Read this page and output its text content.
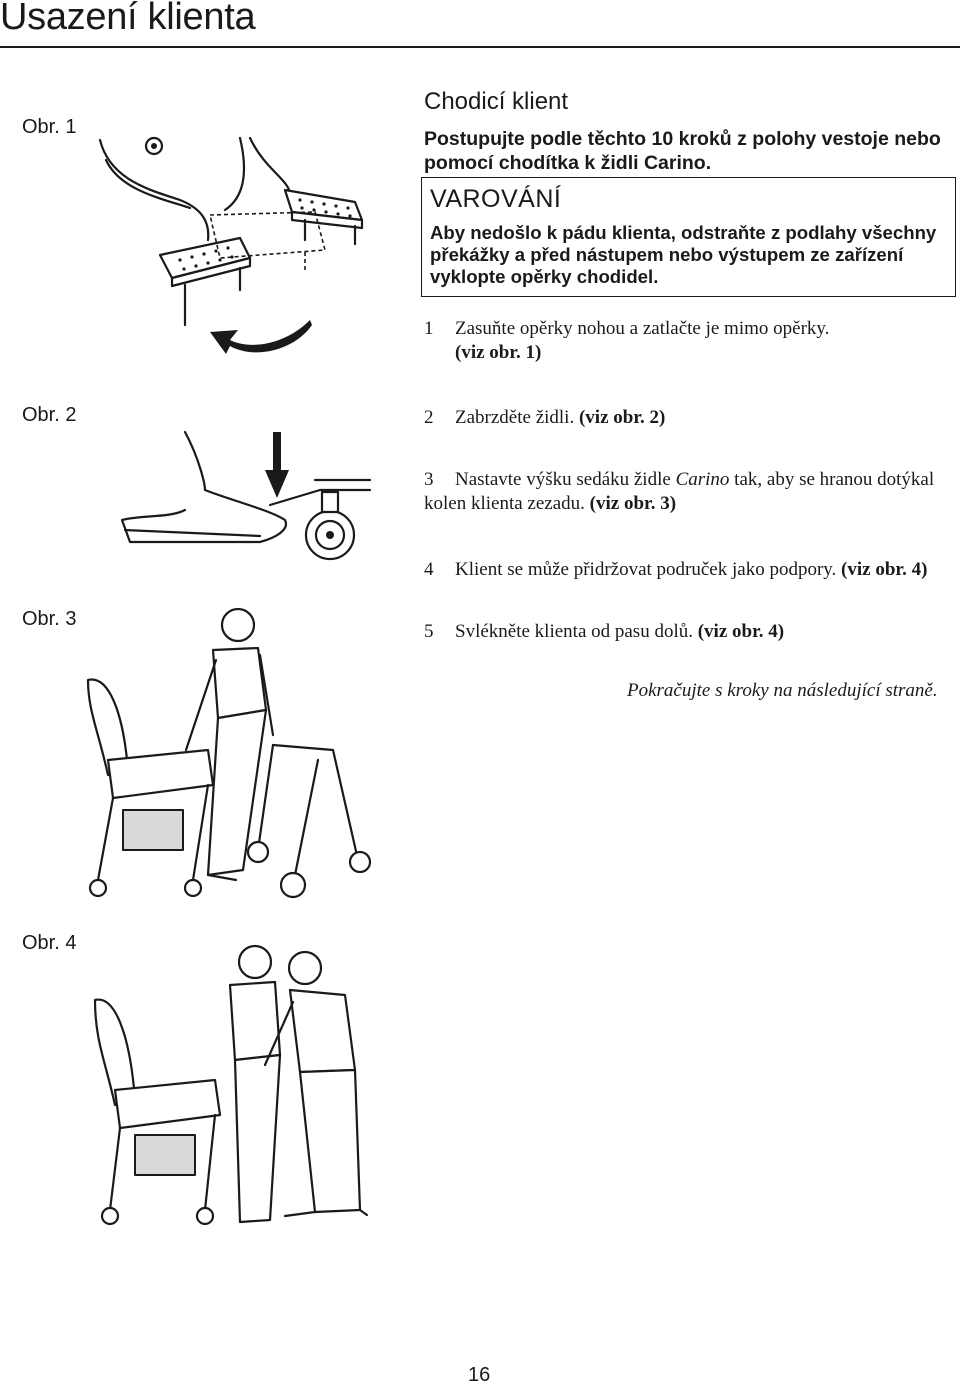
Usazení klienta
Obr. 1
Obr. 2
Obr. 3
Obr. 4
Chodicí klient
Postupujte podle těchto 10 kroků z polohy vestoje nebo pomocí chodítka k židli Carino.
VAROVÁNÍ
Aby nedošlo k pádu klienta, odstraňte z podlahy všechny překážky a před nástupem nebo výstupem ze zařízení vyklopte opěrky chodidel.
1 Zasuňte opěrky nohou a zatlačte je mimo opěrky.
(viz obr. 1)
2 Zabrzděte židli. (viz obr. 2)
3 Nastavte výšku sedáku židle Carino tak, aby se hranou dotýkal kolen klienta zezadu. (viz obr. 3)
4 Klient se může přidržovat područek jako podpory. (viz obr. 4)
5 Svlékněte klienta od pasu dolů. (viz obr. 4)
Pokračujte s kroky na následující straně.
16
